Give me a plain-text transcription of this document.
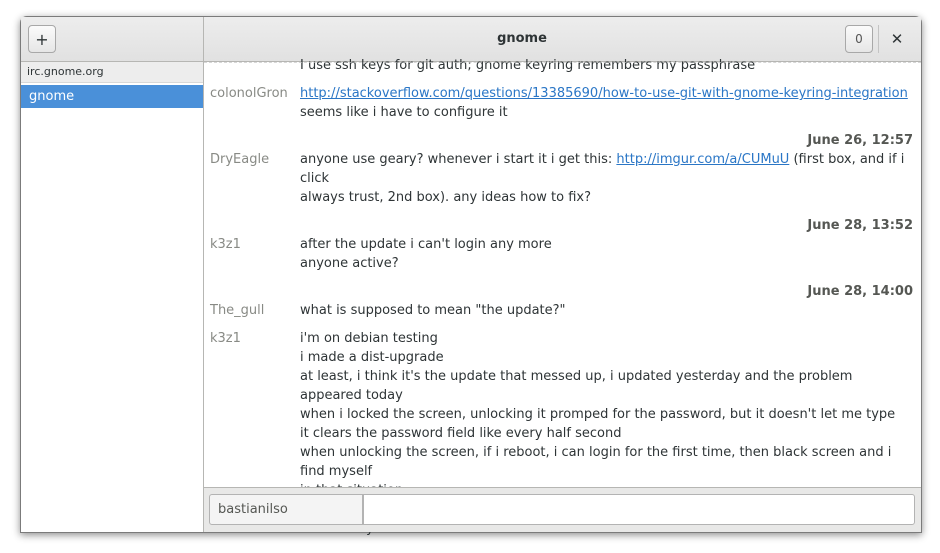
+	gnome	0	✕
irc.gnome.org
gnome
I use ssh keys for git auth; gnome keyring remembers my passphrase
colonolGron http://stackoverflow.com/questions/13385690/how-to-use-git-with-gnome-keyring-integration
seems like i have to configure it
June 26, 12:57
DryEagle anyone use geary? whenever i start it i get this: http://imgur.com/a/CUMuU (first box, and if i click
always trust, 2nd box). any ideas how to fix?
June 28, 13:52
k3z1	after the update i can't login any more
anyone active?
June 28, 14:00
The_gull	what is supposed to mean "the update?"
k3z1	i'm on debian testing
i made a dist-upgrade
at least, i think it's the update that messed up, i updated yesterday and the problem appeared today
when i locked the screen, unlocking it promped for the password, but it doesn't let me type
it clears the password field like every half second
when unlocking the screen, if i reboot, i can login for the first time, then black screen and i find myself
bastianilso
